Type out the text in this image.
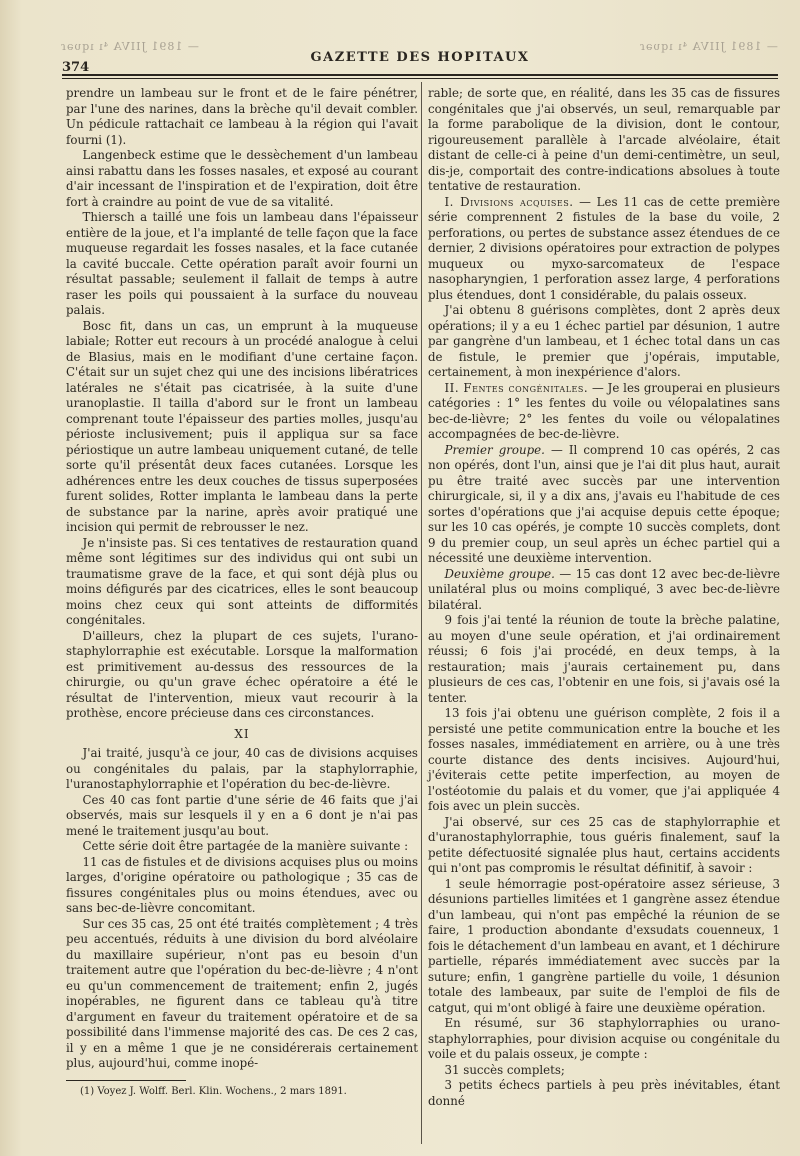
— 1891 JIIVA ⁴ı ıqυəɾ	— 1891 JIIVA ⁴ı ıqυəɾ
374
GAZETTE DES HOPITAUX

prendre un lambeau sur le front et de le faire pénétrer, par l'une des narines, dans la brèche qu'il devait combler. Un pédicule rattachait ce lambeau à la région qui l'avait fourni (1).

Langenbeck estime que le dessèchement d'un lambeau ainsi rabattu dans les fosses nasales, et exposé au courant d'air incessant de l'inspiration et de l'expiration, doit être fort à craindre au point de vue de sa vitalité.

Thiersch a taillé une fois un lambeau dans l'épaisseur entière de la joue, et l'a implanté de telle façon que la face muqueuse regardait les fosses nasales, et la face cutanée la cavité buccale. Cette opération paraît avoir fourni un résultat passable; seulement il fallait de temps à autre raser les poils qui poussaient à la surface du nouveau palais.

Bosc fit, dans un cas, un emprunt à la muqueuse labiale; Rotter eut recours à un procédé analogue à celui de Blasius, mais en le modifiant d'une certaine façon. C'était sur un sujet chez qui une des incisions libératrices latérales ne s'était pas cicatrisée, à la suite d'une uranoplastie. Il tailla d'abord sur le front un lambeau comprenant toute l'épaisseur des parties molles, jusqu'au périoste inclusivement; puis il appliqua sur sa face périostique un autre lambeau uniquement cutané, de telle sorte qu'il présentât deux faces cutanées. Lorsque les adhérences entre les deux couches de tissus superposées furent solides, Rotter implanta le lambeau dans la perte de substance par la narine, après avoir pratiqué une incision qui permit de rebrousser le nez.

Je n'insiste pas. Si ces tentatives de restauration quand même sont légitimes sur des individus qui ont subi un traumatisme grave de la face, et qui sont déjà plus ou moins défigurés par des cicatrices, elles le sont beaucoup moins chez ceux qui sont atteints de difformités congénitales.

D'ailleurs, chez la plupart de ces sujets, l'urano-staphylorraphie est exécutable. Lorsque la malformation est primitivement au-dessus des ressources de la chirurgie, ou qu'un grave échec opératoire a été le résultat de l'intervention, mieux vaut recourir à la prothèse, encore précieuse dans ces circonstances.

XI

J'ai traité, jusqu'à ce jour, 40 cas de divisions acquises ou congénitales du palais, par la staphylorraphie, l'uranostaphylorraphie et l'opération du bec-de-lièvre.

Ces 40 cas font partie d'une série de 46 faits que j'ai observés, mais sur lesquels il y en a 6 dont je n'ai pas mené le traitement jusqu'au bout.

Cette série doit être partagée de la manière suivante :

11 cas de fistules et de divisions acquises plus ou moins larges, d'origine opératoire ou pathologique ; 35 cas de fissures congénitales plus ou moins étendues, avec ou sans bec-de-lièvre concomitant.

Sur ces 35 cas, 25 ont été traités complètement ; 4 très peu accentués, réduits à une division du bord alvéolaire du maxillaire supérieur, n'ont pas eu besoin d'un traitement autre que l'opération du bec-de-lièvre ; 4 n'ont eu qu'un commencement de traitement; enfin 2, jugés inopérables, ne figurent dans ce tableau qu'à titre d'argument en faveur du traitement opératoire et de sa possibilité dans l'immense majorité des cas. De ces 2 cas, il y en a même 1 que je ne considérerais certainement plus, aujourd'hui, comme inopé-

(1) Voyez J. Wolff. Berl. Klin. Wochens., 2 mars 1891.

rable; de sorte que, en réalité, dans les 35 cas de fissures congénitales que j'ai observés, un seul, remarquable par la forme parabolique de la division, dont le contour, rigoureusement parallèle à l'arcade alvéolaire, était distant de celle-ci à peine d'un demi-centimètre, un seul, dis-je, comportait des contre-indications absolues à toute tentative de restauration.

I. Divisions acquises. — Les 11 cas de cette première série comprennent 2 fistules de la base du voile, 2 perforations, ou pertes de substance assez étendues de ce dernier, 2 divisions opératoires pour extraction de polypes muqueux ou myxo-sarcomateux de l'espace nasopharyngien, 1 perforation assez large, 4 perforations plus étendues, dont 1 considérable, du palais osseux.

J'ai obtenu 8 guérisons complètes, dont 2 après deux opérations; il y a eu 1 échec partiel par désunion, 1 autre par gangrène d'un lambeau, et 1 échec total dans un cas de fistule, le premier que j'opérais, imputable, certainement, à mon inexpérience d'alors.

II. Fentes congénitales. — Je les grouperai en plusieurs catégories : 1° les fentes du voile ou vélopalatines sans bec-de-lièvre; 2° les fentes du voile ou vélopalatines accompagnées de bec-de-lièvre.

Premier groupe. — Il comprend 10 cas opérés, 2 cas non opérés, dont l'un, ainsi que je l'ai dit plus haut, aurait pu être traité avec succès par une intervention chirurgicale, si, il y a dix ans, j'avais eu l'habitude de ces sortes d'opérations que j'ai acquise depuis cette époque; sur les 10 cas opérés, je compte 10 succès complets, dont 9 du premier coup, un seul après un échec partiel qui a nécessité une deuxième intervention.

Deuxième groupe. — 15 cas dont 12 avec bec-de-lièvre unilatéral plus ou moins compliqué, 3 avec bec-de-lièvre bilatéral.

9 fois j'ai tenté la réunion de toute la brèche palatine, au moyen d'une seule opération, et j'ai ordinairement réussi; 6 fois j'ai procédé, en deux temps, à la restauration; mais j'aurais certainement pu, dans plusieurs de ces cas, l'obtenir en une fois, si j'avais osé la tenter.

13 fois j'ai obtenu une guérison complète, 2 fois il a persisté une petite communication entre la bouche et les fosses nasales, immédiatement en arrière, ou à une très courte distance des dents incisives. Aujourd'hui, j'éviterais cette petite imperfection, au moyen de l'ostéotomie du palais et du vomer, que j'ai appliquée 4 fois avec un plein succès.

J'ai observé, sur ces 25 cas de staphylorraphie et d'uranostaphylorraphie, tous guéris finalement, sauf la petite défectuosité signalée plus haut, certains accidents qui n'ont pas compromis le résultat définitif, à savoir :

1 seule hémorragie post-opératoire assez sérieuse, 3 désunions partielles limitées et 1 gangrène assez étendue d'un lambeau, qui n'ont pas empêché la réunion de se faire, 1 production abondante d'exsudats couenneux, 1 fois le détachement d'un lambeau en avant, et 1 déchirure partielle, réparés immédiatement avec succès par la suture; enfin, 1 gangrène partielle du voile, 1 désunion totale des lambeaux, par suite de l'emploi de fils de catgut, qui m'ont obligé à faire une deuxième opération.

En résumé, sur 36 staphylorraphies ou urano-staphylorraphies, pour division acquise ou congénitale du voile et du palais osseux, je compte :

31 succès complets;

3 petits échecs partiels à peu près inévitables, étant donné
